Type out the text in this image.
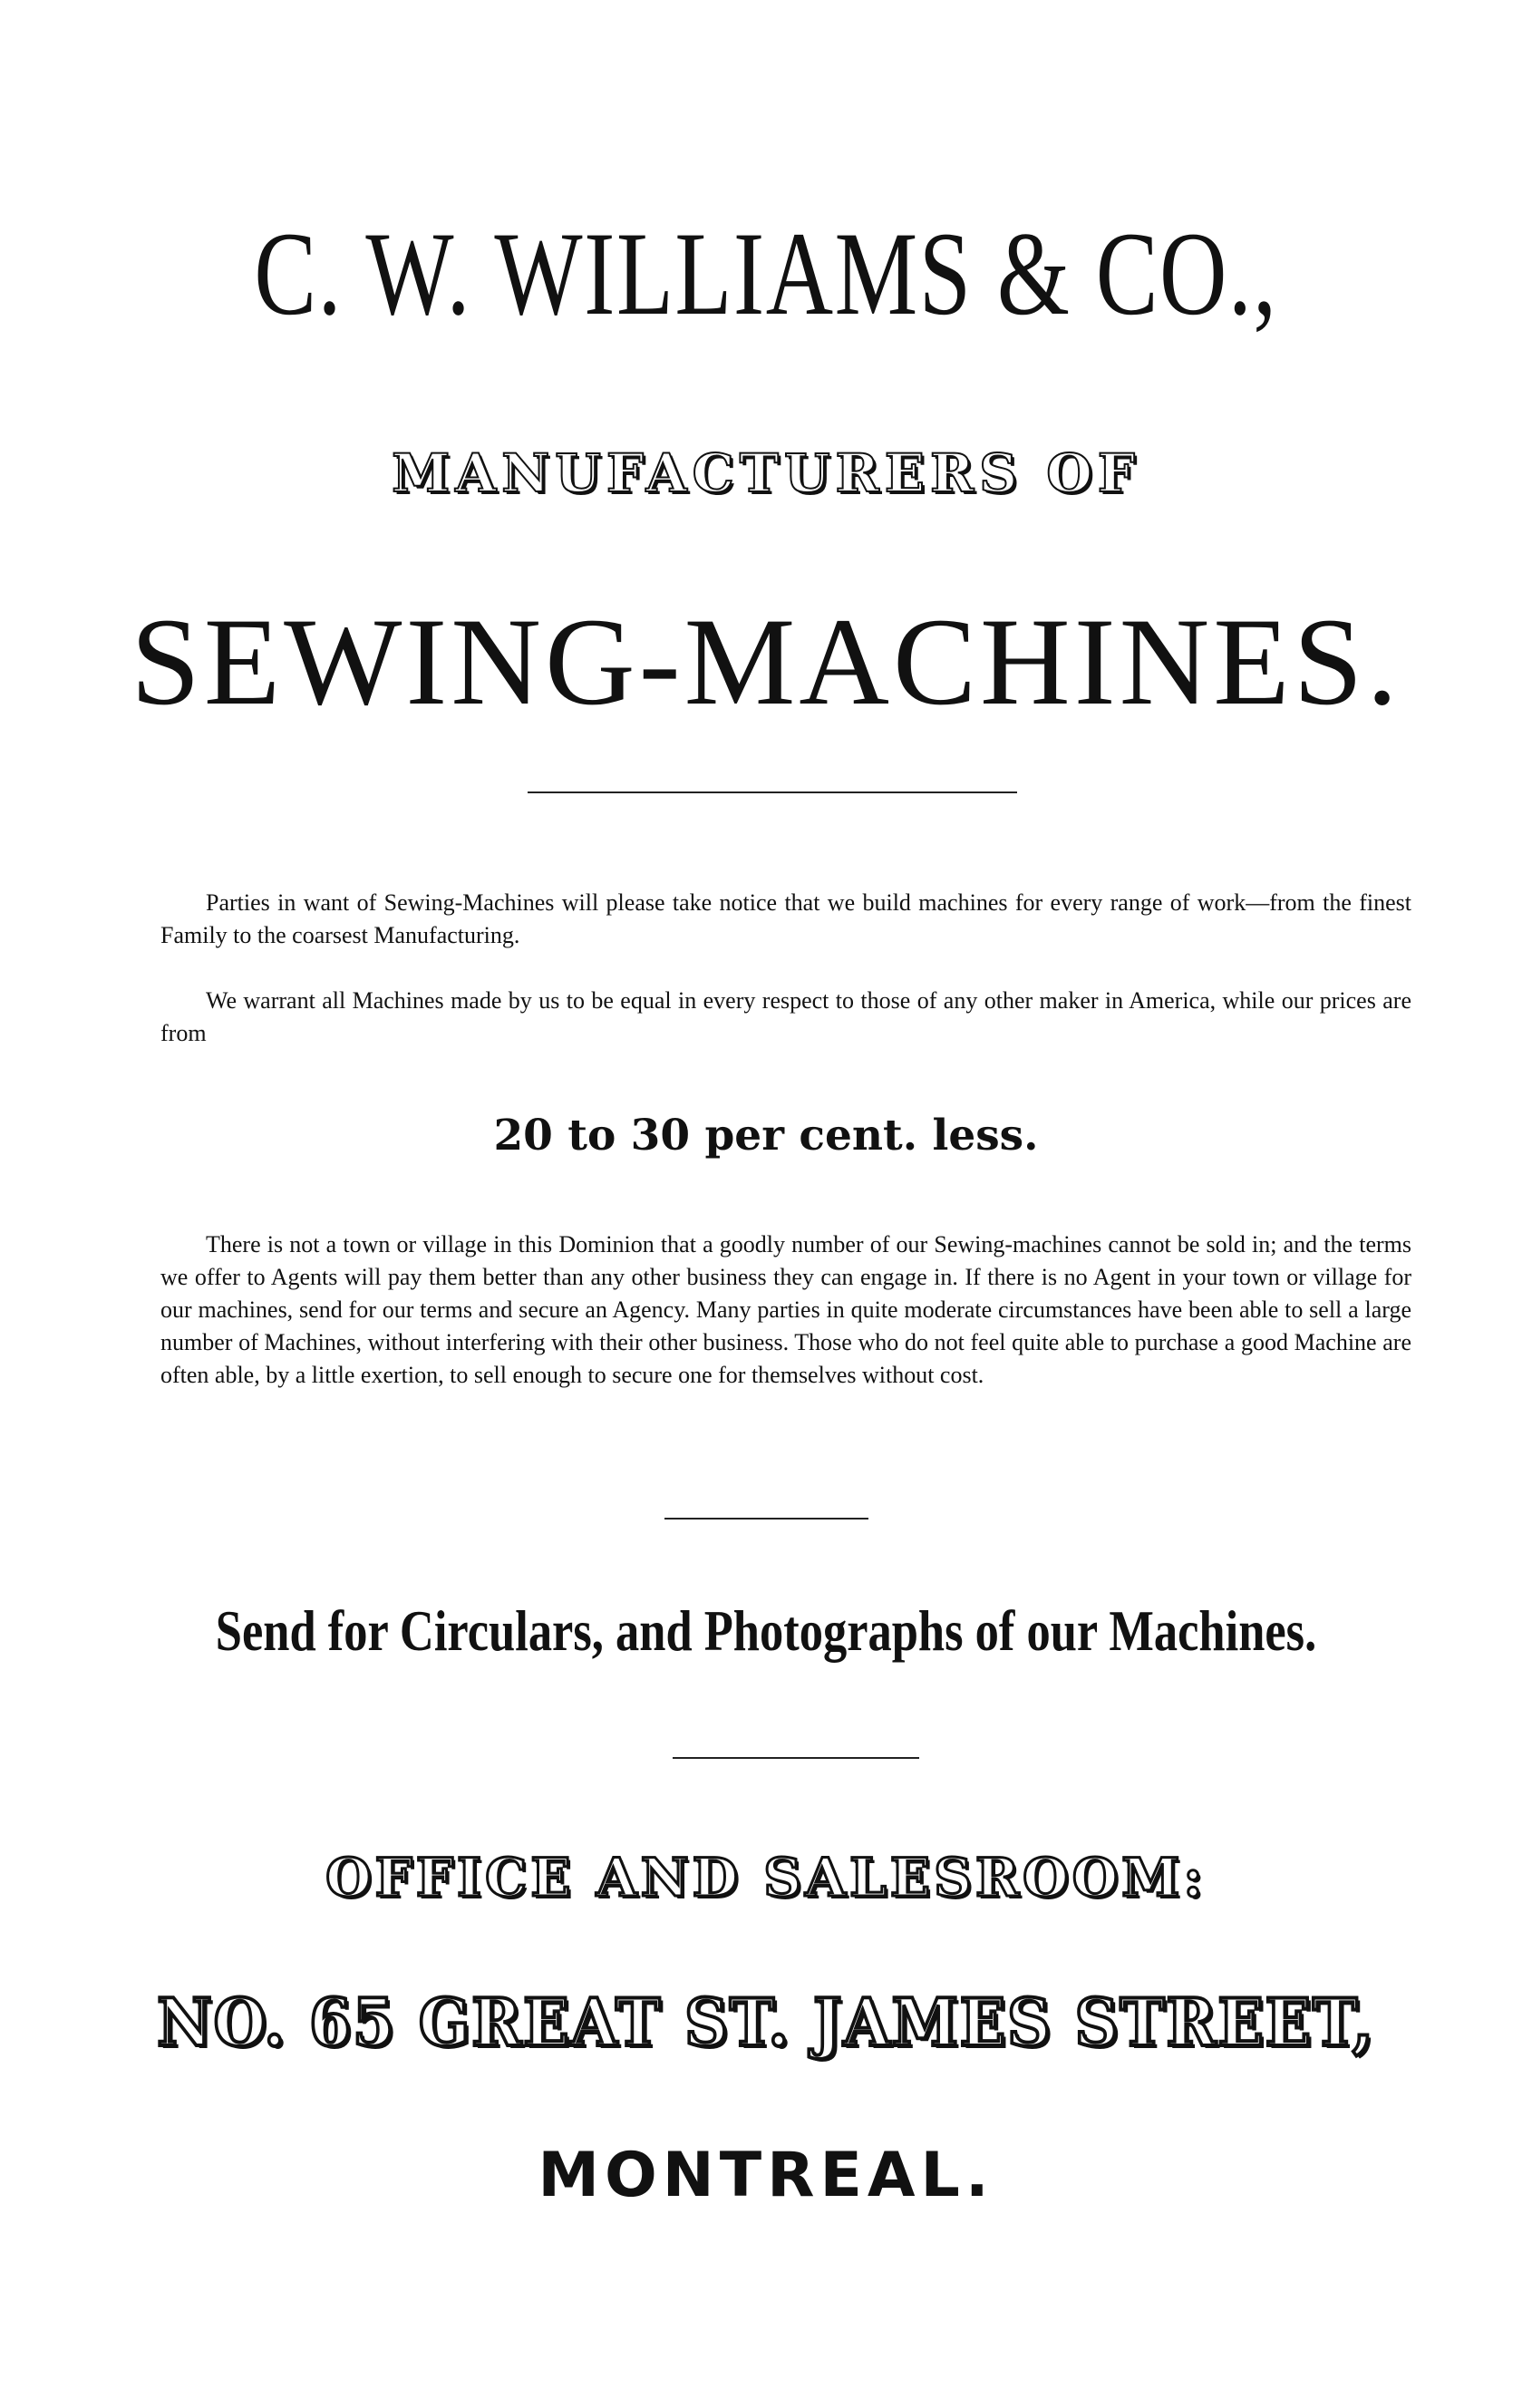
C. W. WILLIAMS & CO.,
MANUFACTURERS OF
SEWING-MACHINES.

Parties in want of Sewing-Machines will please take notice that we build machines for every range of work—from the finest Family to the coarsest Manufacturing.

We warrant all Machines made by us to be equal in every respect to those of any other maker in America, while our prices are from

20 to 30 per cent. less.

There is not a town or village in this Dominion that a goodly number of our Sewing-machines cannot be sold in; and the terms we offer to Agents will pay them better than any other business they can engage in. If there is no Agent in your town or village for our machines, send for our terms and secure an Agency. Many parties in quite moderate circumstances have been able to sell a large number of Machines, without interfering with their other business. Those who do not feel quite able to purchase a good Machine are often able, by a little exertion, to sell enough to secure one for themselves without cost.

Send for Circulars, and Photographs of our Machines.
OFFICE AND SALESROOM:
NO. 65 GREAT ST. JAMES STREET,
MONTREAL.
